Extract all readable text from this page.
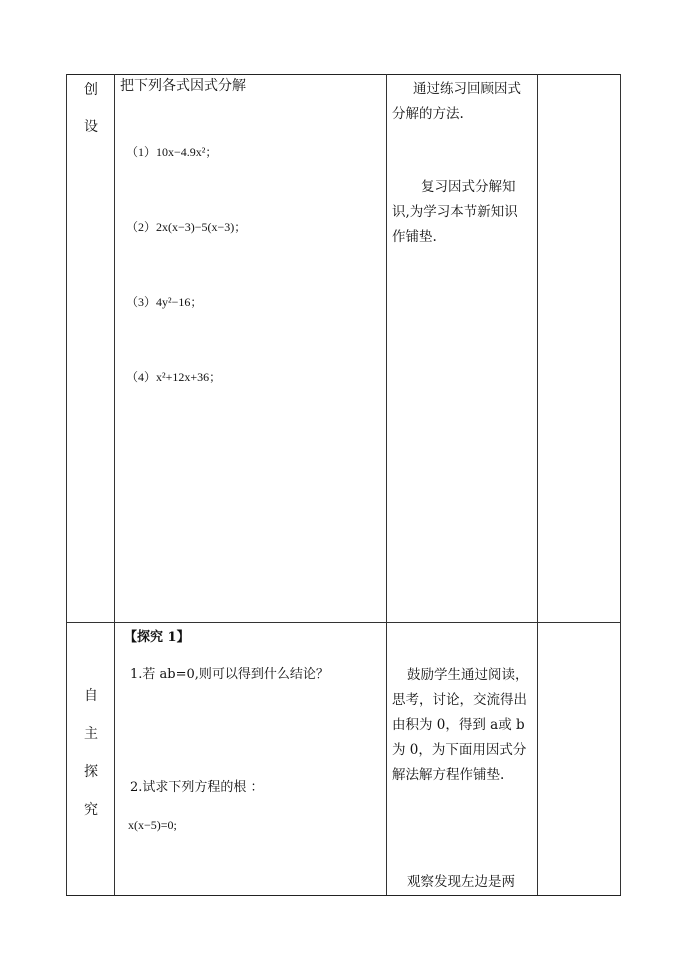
创
设
把下列各式因式分解
（1）10x−4.9x²；
（2）2x(x−3)−5(x−3)；
（3）4y²−16；
（4）x²+12x+36；
通过练习回顾因式
分解的方法.
复习因式分解知
识,为学习本节新知识
作铺垫.
自
主
探
究
【探究 1】
1.若 ab=0,则可以得到什么结论？
2.试求下列方程的根 ：
x(x−5)=0;
鼓励学生通过阅读，
思考，讨论，交流得出
由积为 0，得到 a或 b
为 0，为下面用因式分
解法解方程作铺垫.
观察发现左边是两
